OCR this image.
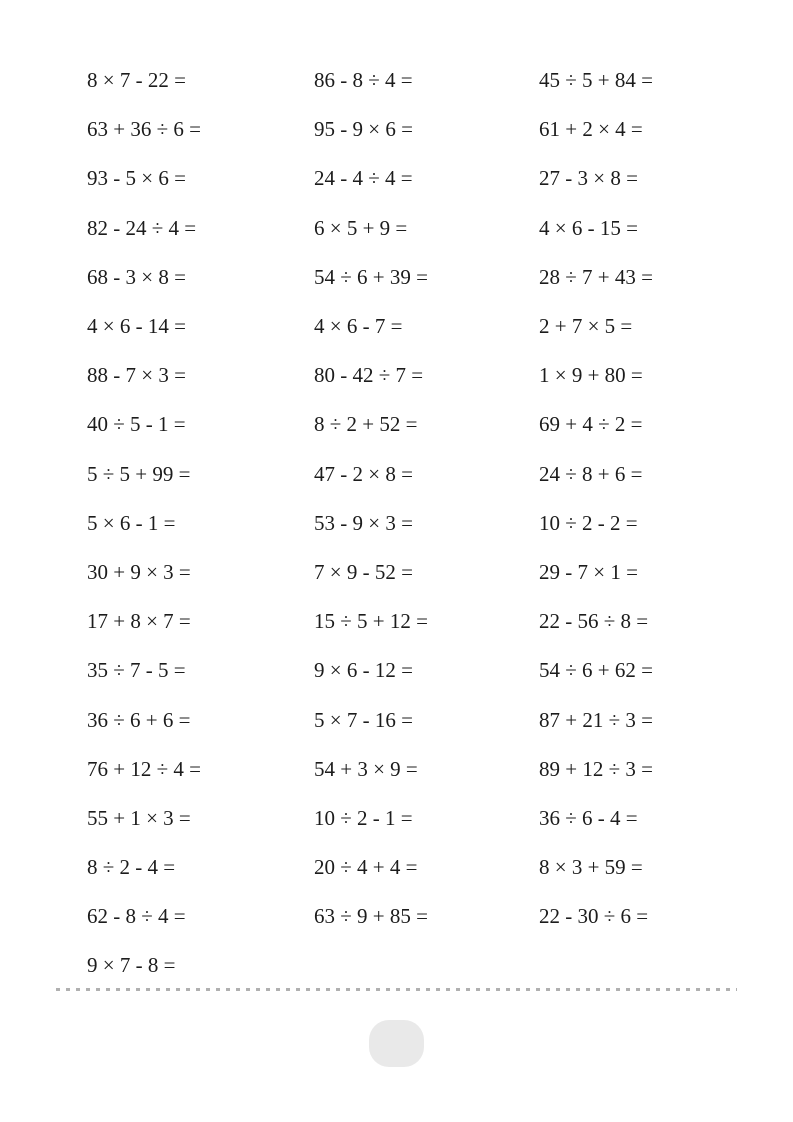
8 × 7 - 22 =
63 + 36 ÷ 6 =
93 - 5 × 6 =
82 - 24 ÷ 4 =
68 - 3 × 8 =
4 × 6 - 14 =
88 - 7 × 3 =
40 ÷ 5 - 1 =
5 ÷ 5 + 99 =
5 × 6 - 1 =
30 + 9 × 3 =
17 + 8 × 7 =
35 ÷ 7 - 5 =
36 ÷ 6 + 6 =
76 + 12 ÷ 4 =
55 + 1 × 3 =
8 ÷ 2 - 4 =
62 - 8 ÷ 4 =
9 × 7 - 8 =
86 - 8 ÷ 4 =
95 - 9 × 6 =
24 - 4 ÷ 4 =
6 × 5 + 9 =
54 ÷ 6 + 39 =
4 × 6 - 7 =
80 - 42 ÷ 7 =
8 ÷ 2 + 52 =
47 - 2 × 8 =
53 - 9 × 3 =
7 × 9 - 52 =
15 ÷ 5 + 12 =
9 × 6 - 12 =
5 × 7 - 16 =
54 + 3 × 9 =
10 ÷ 2 - 1 =
20 ÷ 4 + 4 =
63 ÷ 9 + 85 =
45 ÷ 5 + 84 =
61 + 2 × 4 =
27 - 3 × 8 =
4 × 6 - 15 =
28 ÷ 7 + 43 =
2 + 7 × 5 =
1 × 9 + 80 =
69 + 4 ÷ 2 =
24 ÷ 8 + 6 =
10 ÷ 2 - 2 =
29 - 7 × 1 =
22 - 56 ÷ 8 =
54 ÷ 6 + 62 =
87 + 21 ÷ 3 =
89 + 12 ÷ 3 =
36 ÷ 6 - 4 =
8 × 3 + 59 =
22 - 30 ÷ 6 =
